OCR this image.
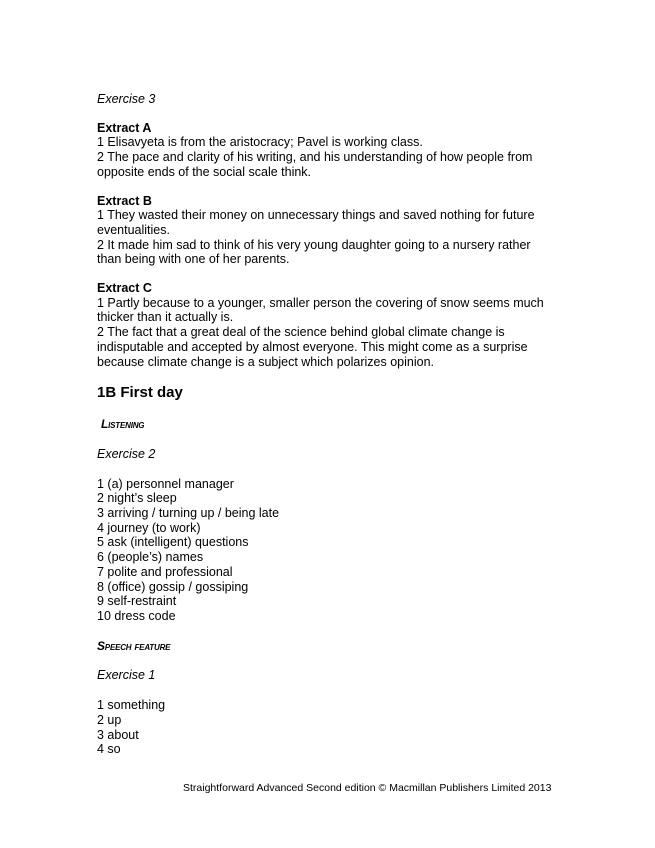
Exercise 3

Extract A

1 Elisavyeta is from the aristocracy; Pavel is working class.

2 The pace and clarity of his writing, and his understanding of how people from

opposite ends of the social scale think.

Extract B

1 They wasted their money on unnecessary things and saved nothing for future

eventualities.

2 It made him sad to think of his very young daughter going to a nursery rather

than being with one of her parents.

Extract C

1 Partly because to a younger, smaller person the covering of snow seems much

thicker than it actually is.

2 The fact that a great deal of the science behind global climate change is

indisputable and accepted by almost everyone. This might come as a surprise

because climate change is a subject which polarizes opinion.

1B First day

Listening

Exercise 2

1 (a) personnel manager

2 night’s sleep

3 arriving / turning up / being late

4 journey (to work)

5 ask (intelligent) questions

6 (people’s) names

7 polite and professional

8 (office) gossip / gossiping

9 self-restraint

10 dress code

Speech feature

Exercise 1

1 something

2 up

3 about

4 so

Straightforward Advanced Second edition © Macmillan Publishers Limited 2013
